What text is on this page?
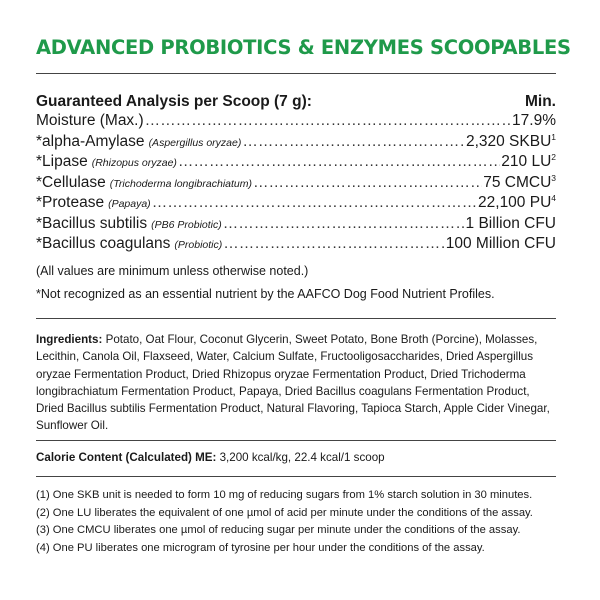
ADVANCED PROBIOTICS & ENZYMES SCOOPABLES
Guaranteed Analysis per Scoop (7 g):	Min.
Moisture (Max.) ……………………………………………………………………………………………………………………………………	17.9%
*alpha-Amylase (Aspergillus oryzae) ……………………………………………………………………………………………………………………………………	2,320 SKBU$^1$
*Lipase (Rhizopus oryzae) ……………………………………………………………………………………………………………………………………	210 $LU^2$
*Cellulase (Trichoderma longibrachiatum) ……………………………………………………………………………………………………………………………………	75 CMCU$^3$
*Protease (Papaya) ……………………………………………………………………………………………………………………………………	22,100 $PU^4$
*Bacillus subtilis (PB6 Probiotic) ……………………………………………………………………………………………………………………………………	1 Billion CFU
*Bacillus coagulans (Probiotic) ……………………………………………………………………………………………………………………………………	100 Million CFU
(All values are minimum unless otherwise noted.)
*Not recognized as an essential nutrient by the AAFCO Dog Food Nutrient Profiles.
Ingredients: Potato, Oat Flour, Coconut Glycerin, Sweet Potato, Bone Broth (Porcine), Molasses, Lecithin, Canola Oil, Flaxseed, Water, Calcium Sulfate, Fructooligosaccharides, Dried Aspergillus oryzae Fermentation Product, Dried Rhizopus oryzae Fermentation Product, Dried Trichoderma longibrachiatum Fermentation Product, Papaya, Dried Bacillus coagulans Fermentation Product, Dried Bacillus subtilis Fermentation Product, Natural Flavoring, Tapioca Starch, Apple Cider Vinegar, Sunflower Oil.
Calorie Content (Calculated) ME: 3,200 kcal/kg, 22.4 kcal/1 scoop
(1) One SKB unit is needed to form 10 mg of reducing sugars from 1% starch solution in 30 minutes.
(2) One LU liberates the equivalent of one µmol of acid per minute under the conditions of the assay.
(3) One CMCU liberates one µmol of reducing sugar per minute under the conditions of the assay.
(4) One PU liberates one microgram of tyrosine per hour under the conditions of the assay.
